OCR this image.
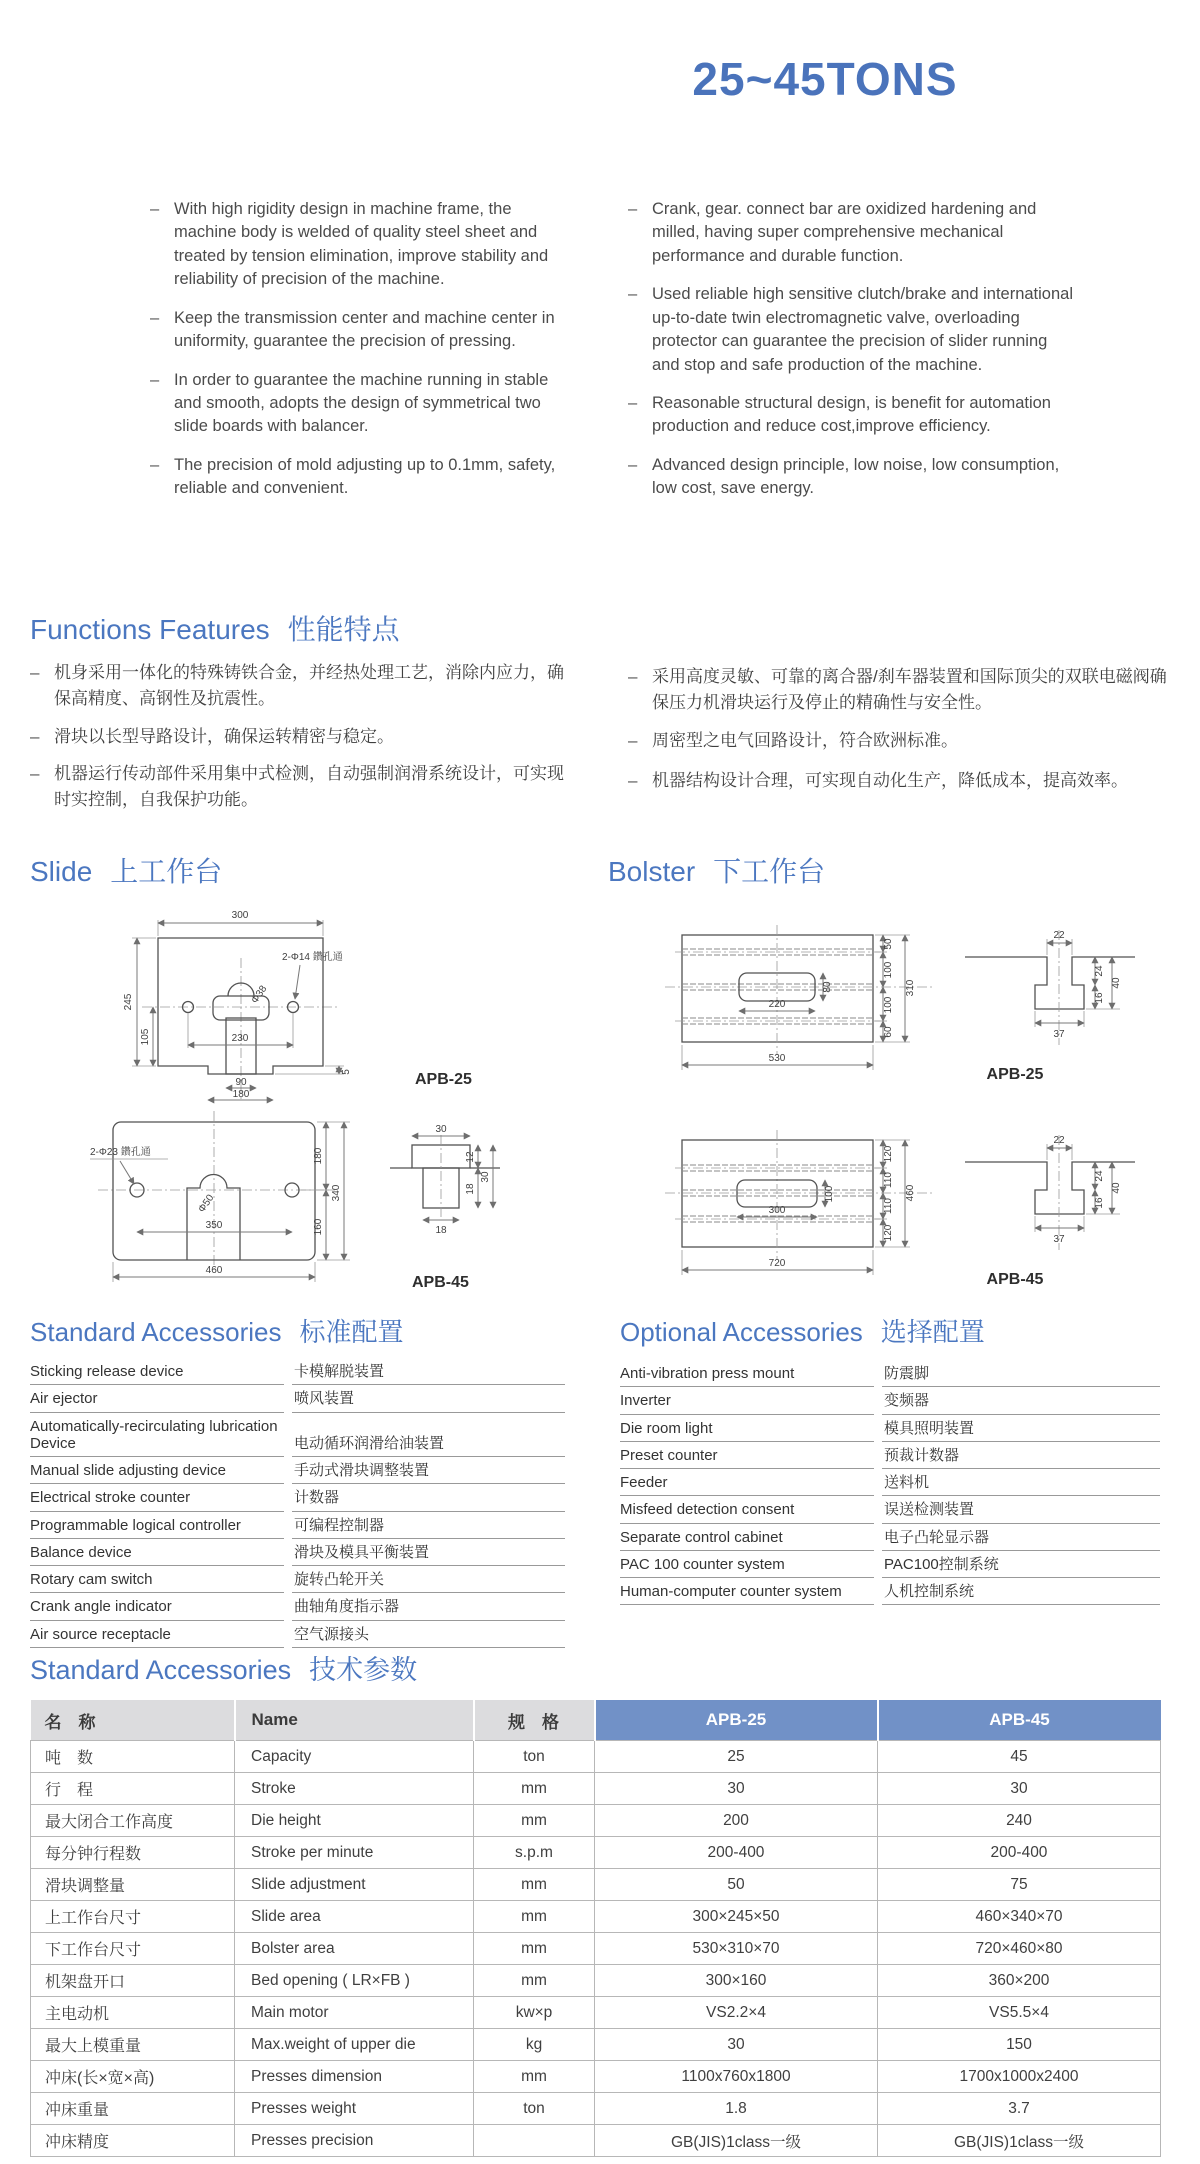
25~45TONS
– With high rigidity design in machine frame, the machine body is welded of quality steel sheet and treated by tension elimination, improve stability and reliability of precision of the machine.
– Keep the transmission center and machine center in uniformity, guarantee the precision of pressing.
– In order to guarantee the machine running in stable and smooth, adopts the design of symmetrical two slide boards with balancer.
– The precision of mold adjusting up to 0.1mm, safety, reliable and convenient.
– Crank, gear. connect bar are oxidized hardening and milled, having super comprehensive mechanical performance and durable function.
– Used reliable high sensitive clutch/brake and international up-to-date twin electromagnetic valve, overloading protector can guarantee the precision of slider running and stop and safe production of the machine.
– Reasonable structural design, is benefit for automation production and reduce cost,improve efficiency.
– Advanced design principle, low noise, low consumption, low cost, save energy.
Functions Features 性能特点
– 机身采用一体化的特殊铸铁合金，并经热处理工艺，消除内应力，确保高精度、高钢性及抗震性。
– 滑块以长型导路设计，确保运转精密与稳定。
– 机器运行传动部件采用集中式检测，自动强制润滑系统设计，可实现时实控制，自我保护功能。
– 采用高度灵敏、可靠的离合器/刹车器装置和国际顶尖的双联电磁阀确保压力机滑块运行及停止的精确性与安全性。
– 周密型之电气回路设计，符合欧洲标准。
– 机器结构设计合理，可实现自动化生产，降低成本，提高效率。
Slide 上工作台	Bolster 下工作台
300
245
105	230
90
180
5
2-Φ14 鑽孔通
Φ38
APB-25
2-Φ23 鑽孔通
Φ50
350
460
180
160
340
30
12
18
30
18
APB-45
220
80
50
100
100
60
310
530
22
24
16
40
37
APB-25
300
100
120
110
110
120
460
720
22
24
16
40
37
APB-45
Standard Accessories 标准配置
Sticking release device	卡模解脱装置
Air ejector	喷风装置
Automatically-recirculating lubrication Device	电动循环润滑给油装置
Manual slide adjusting device	手动式滑块调整装置
Electrical stroke counter	计数器
Programmable logical controller	可编程控制器
Balance device	滑块及模具平衡装置
Rotary cam switch	旋转凸轮开关
Crank angle indicator	曲轴角度指示器
Air source receptacle	空气源接头
Optional Accessories 选择配置
Anti-vibration press mount	防震脚
Inverter	变频器
Die room light	模具照明装置
Preset counter	预裁计数器
Feeder	送料机
Misfeed detection consent	误送检测装置
Separate control cabinet	电子凸轮显示器
PAC 100 counter system	PAC100控制系统
Human-computer counter system	人机控制系统
Standard Accessories 技术参数
名　称	Name	规　格	APB-25	APB-45
吨　数	Capacity	ton	25	45
行　程	Stroke	mm	30	30
最大闭合工作高度	Die height	mm	200	240
每分钟行程数	Stroke per minute	s.p.m	200-400	200-400
滑块调整量	Slide adjustment	mm	50	75
上工作台尺寸	Slide area	mm	300×245×50	460×340×70
下工作台尺寸	Bolster area	mm	530×310×70	720×460×80
机架盘开口	Bed opening ( LR×FB )	mm	300×160	360×200
主电动机	Main motor	kw×p	VS2.2×4	VS5.5×4
最大上模重量	Max.weight of upper die	kg	30	150
冲床(长×宽×高)	Presses dimension	mm	1100x760x1800	1700x1000x2400
冲床重量	Presses weight	ton	1.8	3.7
冲床精度	Presses precision		GB(JIS)1class一级	GB(JIS)1class一级
